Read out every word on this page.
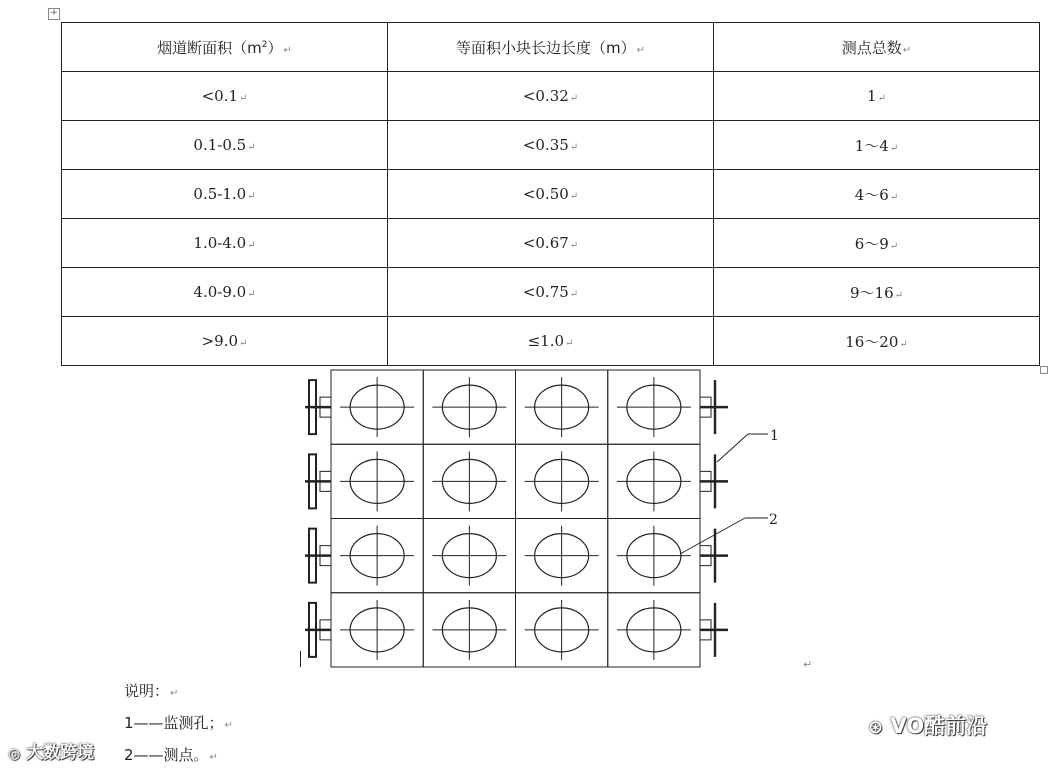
+
烟道断面积$(m^2)↵$	等面积小块长边长度（m）↵	测点总数↵
<0.1↵	<0.32↵	1↵
0.1-0.5↵	<0.35↵	1～4↵
0.5-1.0↵	<0.50↵	4～6↵
1.0-4.0↵	<0.67↵	6～9↵
4.0-9.0↵	<0.75↵	9～16↵
>9.0↵	≤1.0↵	16～20↵
1
2
↵
说明：↵
1——监测孔；↵
2——测点。↵
◎ 大数跨境
⊛ VO酷前沿
